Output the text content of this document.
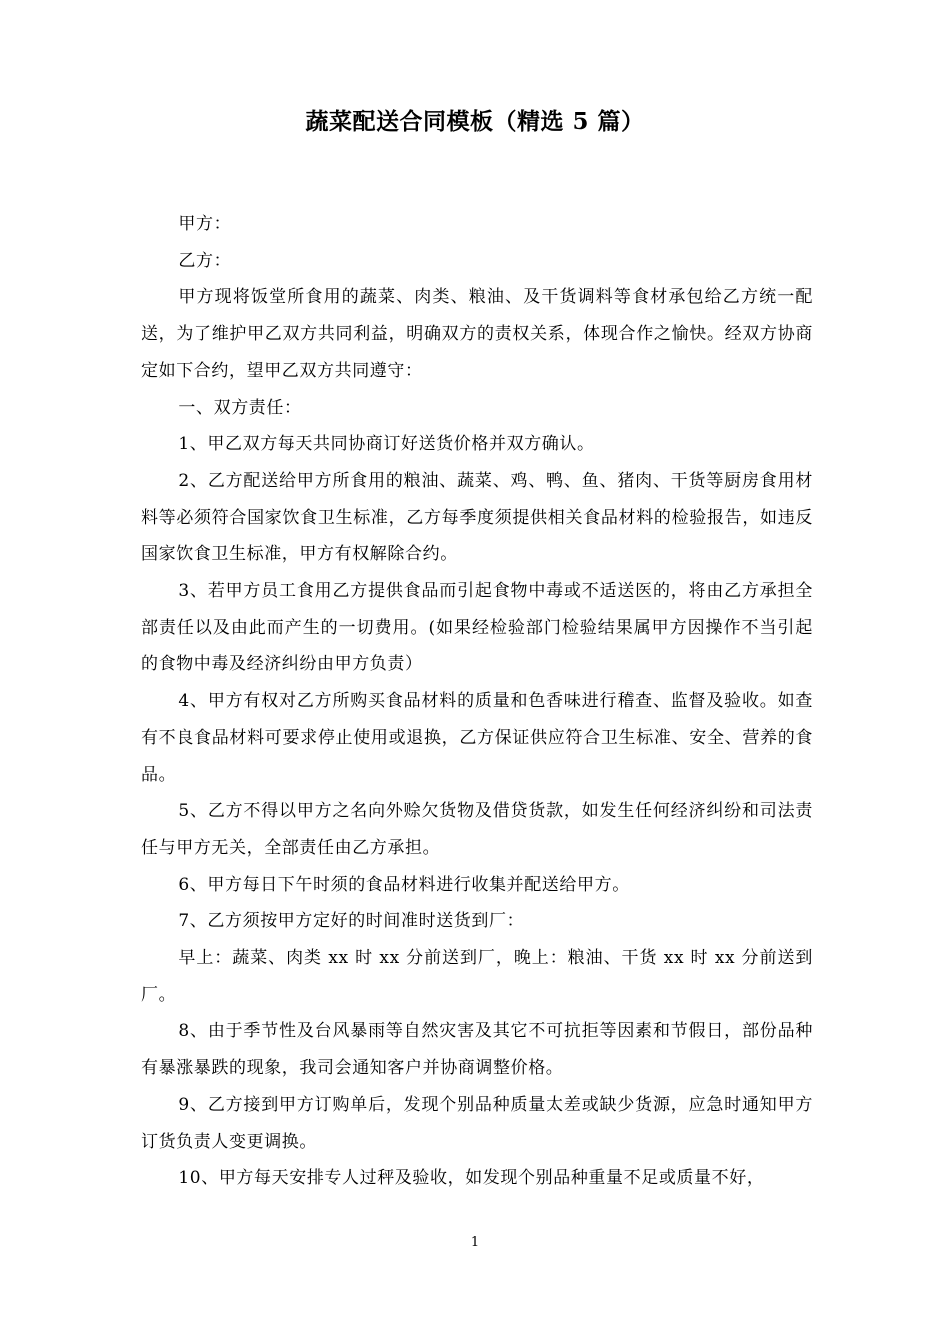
蔬菜配送合同模板（精选 5 篇）

甲方：

乙方：

甲方现将饭堂所食用的蔬菜、肉类、粮油、及干货调料等食材承包给乙方统一配送，为了维护甲乙双方共同利益，明确双方的责权关系，体现合作之愉快。经双方协商定如下合约，望甲乙双方共同遵守：

一、双方责任：

1、甲乙双方每天共同协商订好送货价格并双方确认。

2、乙方配送给甲方所食用的粮油、蔬菜、鸡、鸭、鱼、猪肉、干货等厨房食用材料等必须符合国家饮食卫生标准，乙方每季度须提供相关食品材料的检验报告，如违反国家饮食卫生标准，甲方有权解除合约。

3、若甲方员工食用乙方提供食品而引起食物中毒或不适送医的，将由乙方承担全部责任以及由此而产生的一切费用。(如果经检验部门检验结果属甲方因操作不当引起的食物中毒及经济纠纷由甲方负责）

4、甲方有权对乙方所购买食品材料的质量和色香味进行稽查、监督及验收。如查有不良食品材料可要求停止使用或退换，乙方保证供应符合卫生标准、安全、营养的食品。

5、乙方不得以甲方之名向外赊欠货物及借贷货款，如发生任何经济纠纷和司法责任与甲方无关，全部责任由乙方承担。

6、甲方每日下午时须的食品材料进行收集并配送给甲方。

7、乙方须按甲方定好的时间准时送货到厂：

早上：蔬菜、肉类 xx 时 xx 分前送到厂，晚上：粮油、干货 xx 时 xx 分前送到厂。

8、由于季节性及台风暴雨等自然灾害及其它不可抗拒等因素和节假日，部份品种有暴涨暴跌的现象，我司会通知客户并协商调整价格。

9、乙方接到甲方订购单后，发现个别品种质量太差或缺少货源，应急时通知甲方订货负责人变更调换。

10、甲方每天安排专人过秤及验收，如发现个别品种重量不足或质量不好，

1
